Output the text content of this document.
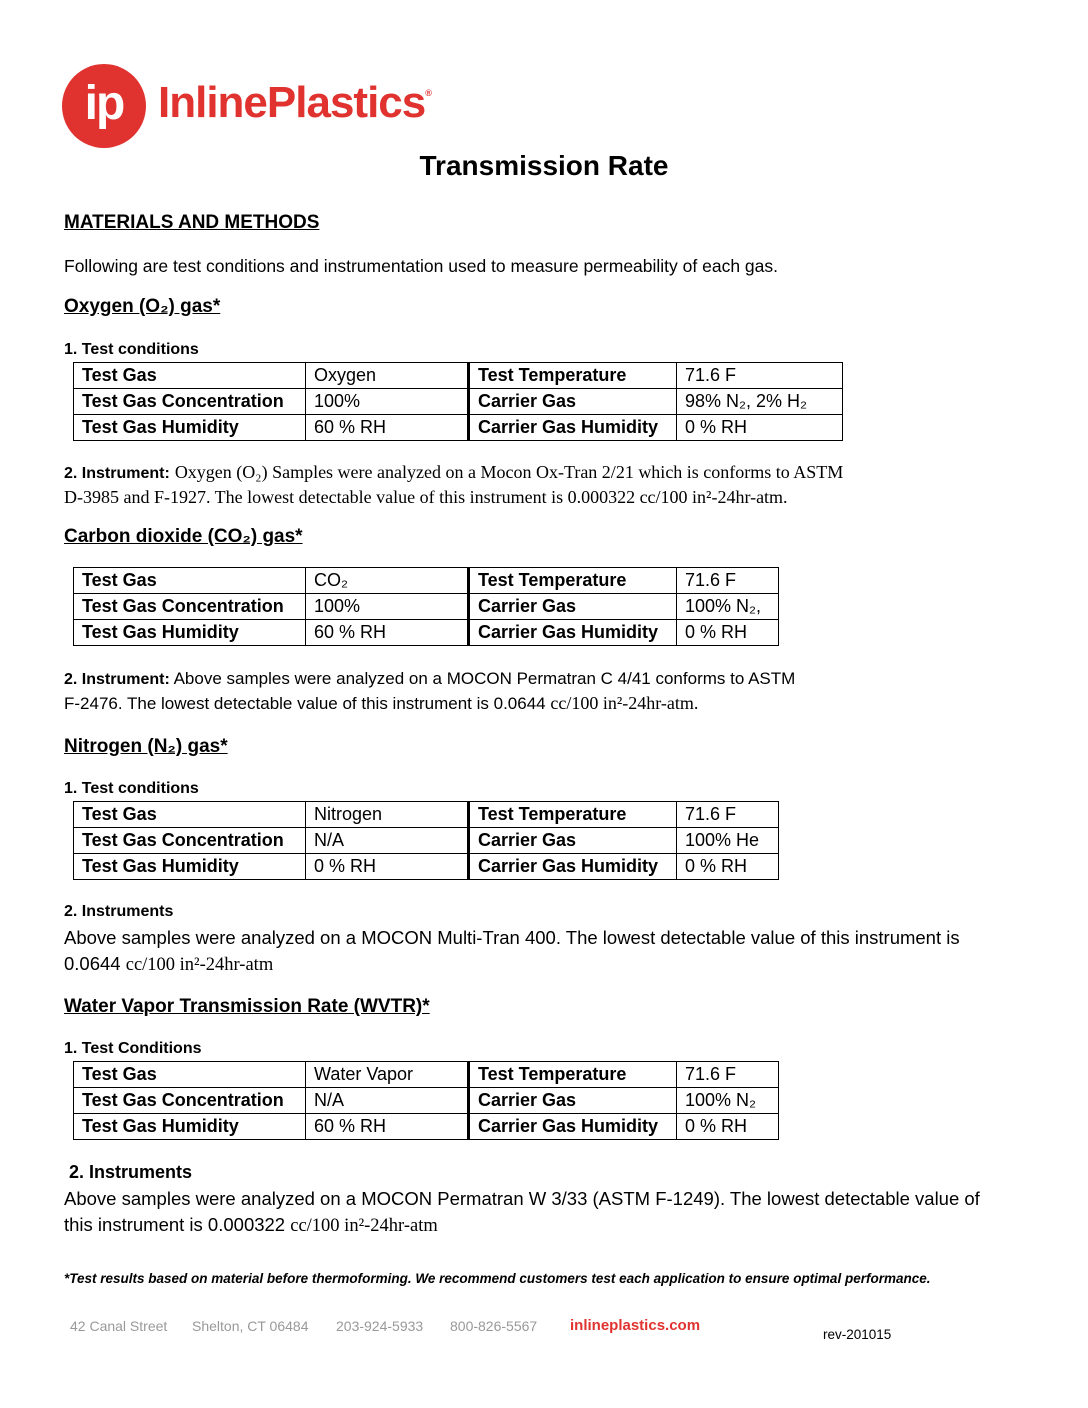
ip InlinePlastics®
Transmission Rate
MATERIALS AND METHODS
Following are test conditions and instrumentation used to measure permeability of each gas.
Oxygen (O₂) gas*
1. Test conditions
Test Gas	Oxygen	Test Temperature	71.6 F
Test Gas Concentration	100%	Carrier Gas	98% N₂, 2% H₂
Test Gas Humidity	60 % RH	Carrier Gas Humidity	0 % RH
2. Instrument: Oxygen (O₂) Samples were analyzed on a Mocon Ox-Tran 2/21 which is conforms to ASTM
D-3985 and F-1927. The lowest detectable value of this instrument is 0.000322 cc/100 in²-24hr-atm.
Carbon dioxide (CO₂) gas*
Test Gas	CO₂	Test Temperature	71.6 F
Test Gas Concentration	100%	Carrier Gas	100% N₂,
Test Gas Humidity	60 % RH	Carrier Gas Humidity	0 % RH
2. Instrument: Above samples were analyzed on a MOCON Permatran C 4/41 conforms to ASTM
F-2476. The lowest detectable value of this instrument is 0.0644 cc/100 in²-24hr-atm.
Nitrogen (N₂) gas*
1. Test conditions
Test Gas	Nitrogen	Test Temperature	71.6 F
Test Gas Concentration	N/A	Carrier Gas	100% He
Test Gas Humidity	0 % RH	Carrier Gas Humidity	0 % RH
2. Instruments
Above samples were analyzed on a MOCON Multi-Tran 400. The lowest detectable value of this instrument is
0.0644 cc/100 in²-24hr-atm
Water Vapor Transmission Rate (WVTR)*
1. Test Conditions
Test Gas	Water Vapor	Test Temperature	71.6 F
Test Gas Concentration	N/A	Carrier Gas	100% N₂
Test Gas Humidity	60 % RH	Carrier Gas Humidity	0 % RH
2. Instruments
Above samples were analyzed on a MOCON Permatran W 3/33 (ASTM F-1249). The lowest detectable value of
this instrument is 0.000322 cc/100 in²-24hr-atm
*Test results based on material before thermoforming. We recommend customers test each application to ensure optimal performance.
42 Canal Street Shelton, CT 06484 203-924-5933 800-826-5567 inlineplastics.com
rev-201015
